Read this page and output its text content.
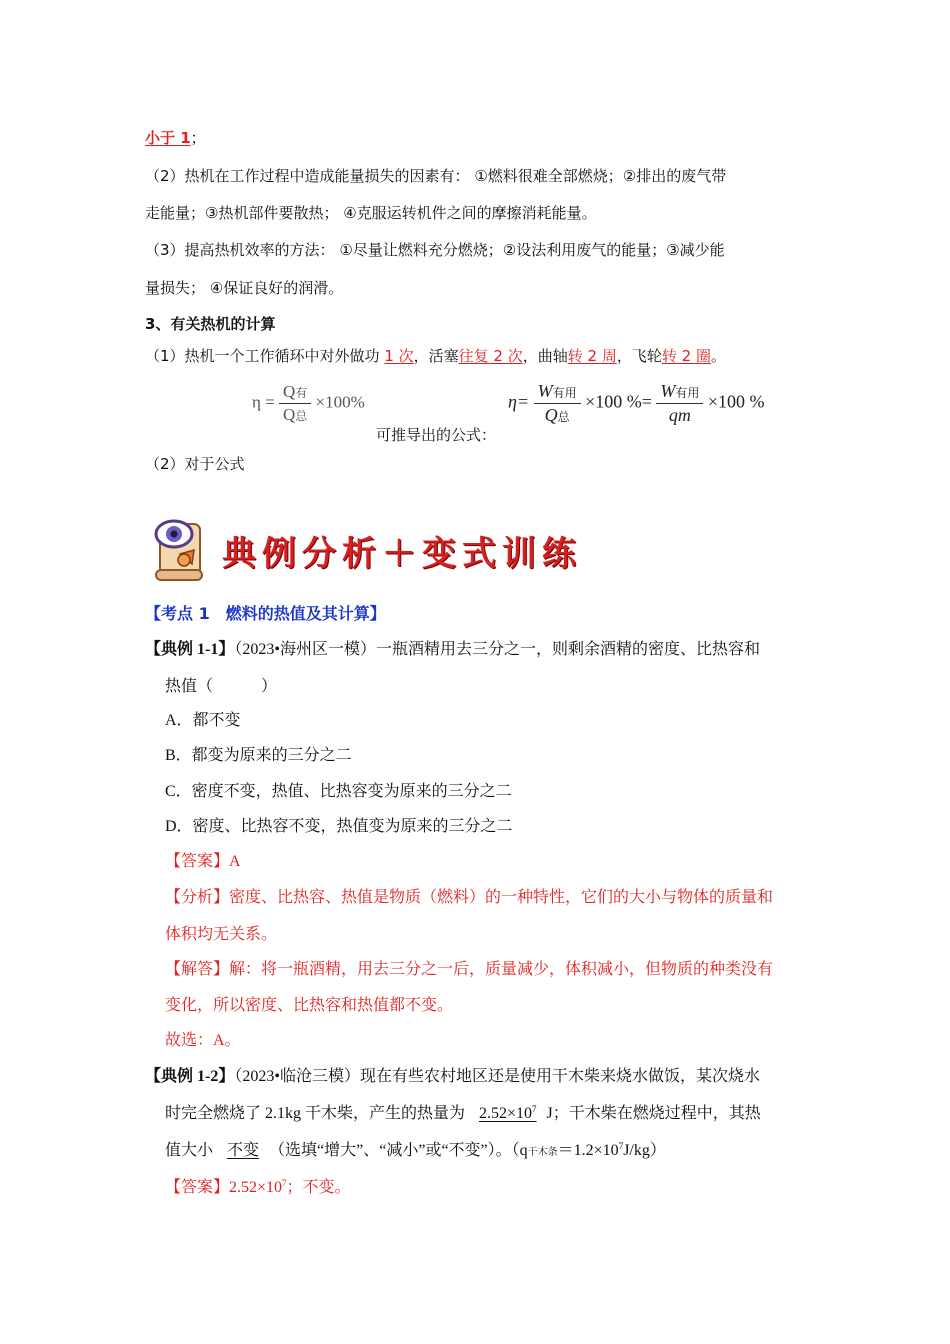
小于 1；
（2）热机在工作过程中造成能量损失的因素有： ①燃料很难全部燃烧；②排出的废气带
走能量；③热机部件要散热； ④克服运转机件之间的摩擦消耗能量。
（3）提高热机效率的方法： ①尽量让燃料充分燃烧；②设法利用废气的能量；③减少能
量损失； ④保证良好的润滑。
3、有关热机的计算
（1）热机一个工作循环中对外做功 1 次，活塞往复 2 次，曲轴转 2 周，飞轮转 2 圈。
$\eta = \frac{\text{Q有}}{\text{Q总}} \times 100\%$
可推导出的公式：
$\eta= \frac{\text{W有用}}{\text{Q总}} \times 100$ %= $\frac{\text{W有用}}{qm} \times 100$ %
（2）对于公式
典例分析＋变式训练
【考点 1　燃料的热值及其计算】
【典例 1-1】（2023•海州区一模）一瓶酒精用去三分之一，则剩余酒精的密度、比热容和
热值（　　　）
A．都不变
B．都变为原来的三分之二
C．密度不变，热值、比热容变为原来的三分之二
D．密度、比热容不变，热值变为原来的三分之二
【答案】A
【分析】密度、比热容、热值是物质（燃料）的一种特性，它们的大小与物体的质量和
体积均无关系。
【解答】解：将一瓶酒精，用去三分之一后，质量减少，体积减小，但物质的种类没有
变化，所以密度、比热容和热值都不变。
故选：A。
【典例 1-2】（2023•临沧三模）现在有些农村地区还是使用干木柴来烧水做饭，某次烧水
时完全燃烧了 2.1kg 干木柴，产生的热量为 $2.52\times 10^7$ J；干木柴在燃烧过程中，其热
值大小 不变 （选填“增大”、“减小”或“不变”）。（q干木条$=1.2\times 10^7J/kg$）
【答案】$2.52\times 10^7$；不变。
